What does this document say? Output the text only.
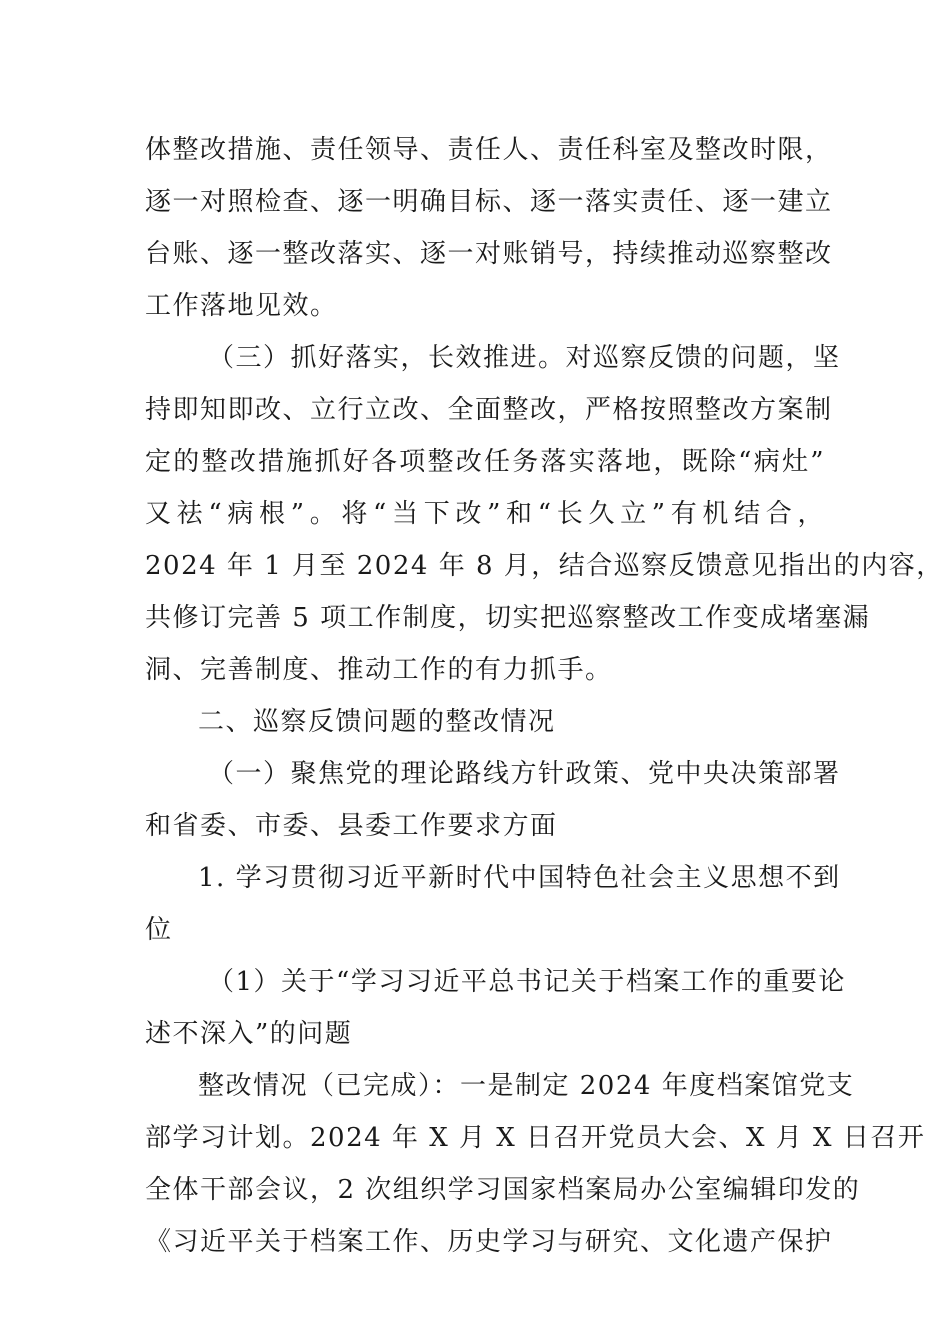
体整改措施、责任领导、责任人、责任科室及整改时限，
逐一对照检查、逐一明确目标、逐一落实责任、逐一建立
台账、逐一整改落实、逐一对账销号，持续推动巡察整改
工作落地见效。
（三）抓好落实，长效推进。对巡察反馈的问题，坚
持即知即改、立行立改、全面整改，严格按照整改方案制
定的整改措施抓好各项整改任务落实落地，既除“病灶”
又祛“病根”。将“当下改”和“长久立”有机结合，
2024 年 1 月至 2024 年 8 月，结合巡察反馈意见指出的内容，
共修订完善 5 项工作制度，切实把巡察整改工作变成堵塞漏
洞、完善制度、推动工作的有力抓手。
二、巡察反馈问题的整改情况
（一）聚焦党的理论路线方针政策、党中央决策部署
和省委、市委、县委工作要求方面
1. 学习贯彻习近平新时代中国特色社会主义思想不到
位
（1）关于“学习习近平总书记关于档案工作的重要论
述不深入”的问题
整改情况（已完成）：一是制定 2024 年度档案馆党支
部学习计划。2024 年 X 月 X 日召开党员大会、X 月 X 日召开
全体干部会议，2 次组织学习国家档案局办公室编辑印发的
《习近平关于档案工作、历史学习与研究、文化遗产保护
